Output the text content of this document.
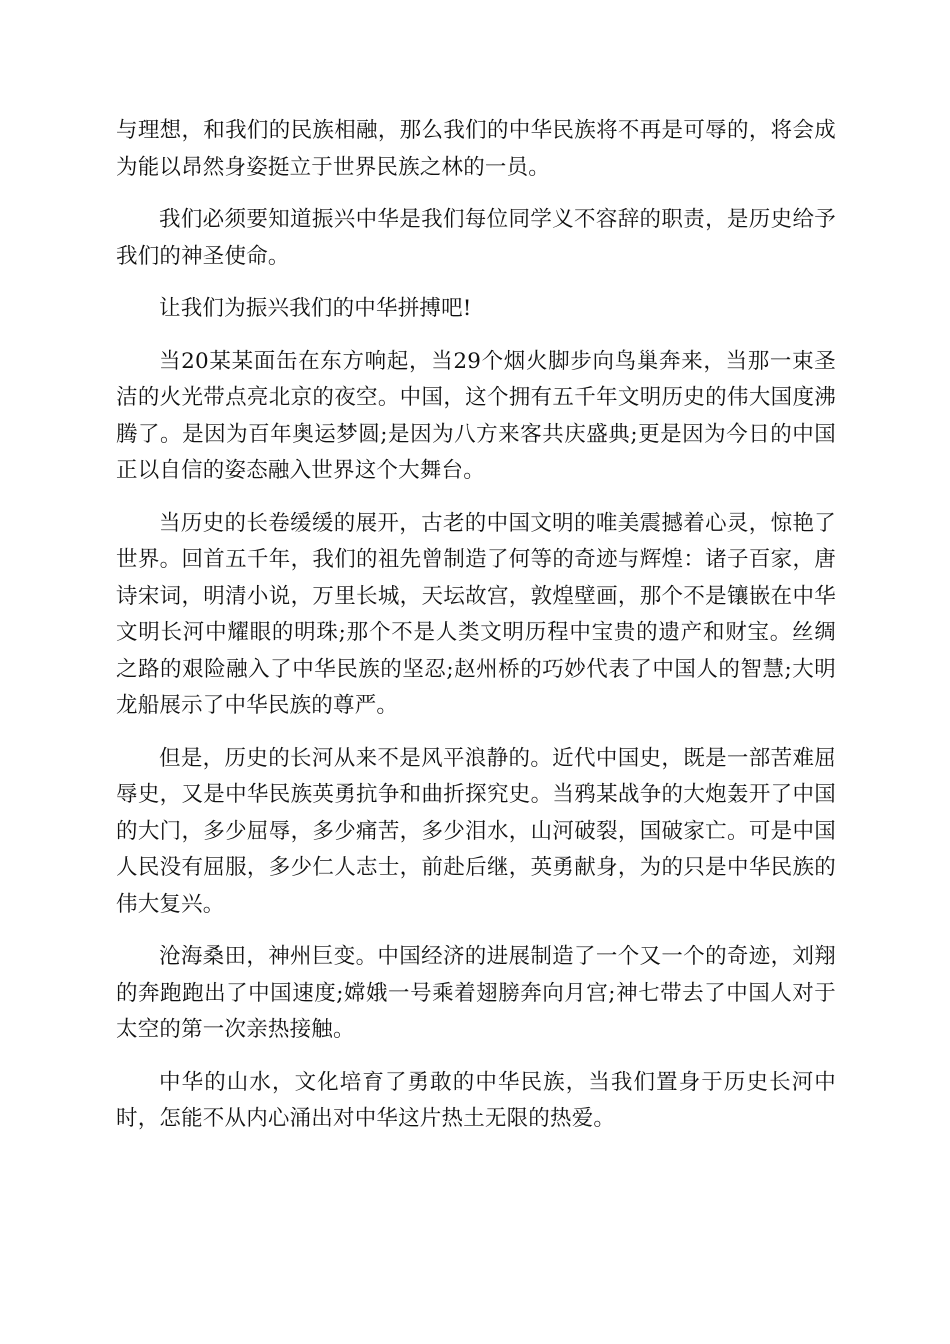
与理想，和我们的民族相融，那么我们的中华民族将不再是可辱的，将会成为能以昂然身姿挺立于世界民族之林的一员。

我们必须要知道振兴中华是我们每位同学义不容辞的职责，是历史给予我们的神圣使命。

让我们为振兴我们的中华拼搏吧!

当20某某面缶在东方响起，当29个烟火脚步向鸟巢奔来，当那一束圣洁的火光带点亮北京的夜空。中国，这个拥有五千年文明历史的伟大国度沸腾了。是因为百年奥运梦圆;是因为八方来客共庆盛典;更是因为今日的中国正以自信的姿态融入世界这个大舞台。

当历史的长卷缓缓的展开，古老的中国文明的唯美震撼着心灵，惊艳了世界。回首五千年，我们的祖先曾制造了何等的奇迹与辉煌：诸子百家，唐诗宋词，明清小说，万里长城，天坛故宫，敦煌壁画，那个不是镶嵌在中华文明长河中耀眼的明珠;那个不是人类文明历程中宝贵的遗产和财宝。丝绸之路的艰险融入了中华民族的坚忍;赵州桥的巧妙代表了中国人的智慧;大明龙船展示了中华民族的尊严。

但是，历史的长河从来不是风平浪静的。近代中国史，既是一部苦难屈辱史，又是中华民族英勇抗争和曲折探究史。当鸦某战争的大炮轰开了中国的大门，多少屈辱，多少痛苦，多少泪水，山河破裂，国破家亡。可是中国人民没有屈服，多少仁人志士，前赴后继，英勇献身，为的只是中华民族的伟大复兴。

沧海桑田，神州巨变。中国经济的进展制造了一个又一个的奇迹，刘翔的奔跑跑出了中国速度;嫦娥一号乘着翅膀奔向月宫;神七带去了中国人对于太空的第一次亲热接触。

中华的山水，文化培育了勇敢的中华民族，当我们置身于历史长河中时，怎能不从内心涌出对中华这片热土无限的热爱。
